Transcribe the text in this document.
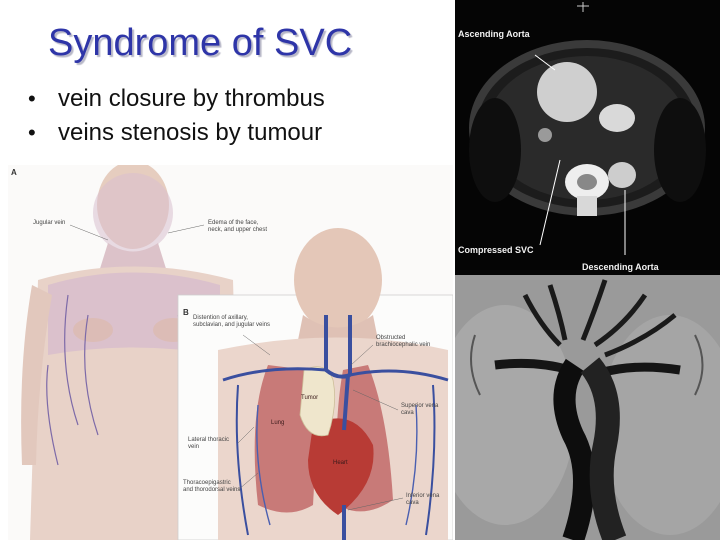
Syndrome of SVC
• vein closure by thrombus
• veins stenosis by tumour
A
B
Jugular vein	Edema of the face, neck, and upper chest
Distention of axillary, subclavian, and jugular veins
Obstructed brachiocephalic vein
Superior vena cava
Inferior vena cava
Lateral thoracic vein
Thoracoepigastric and thorodorsal veins
Tumor
Lung
Heart
Ascending Aorta
Compressed SVC
Descending Aorta
